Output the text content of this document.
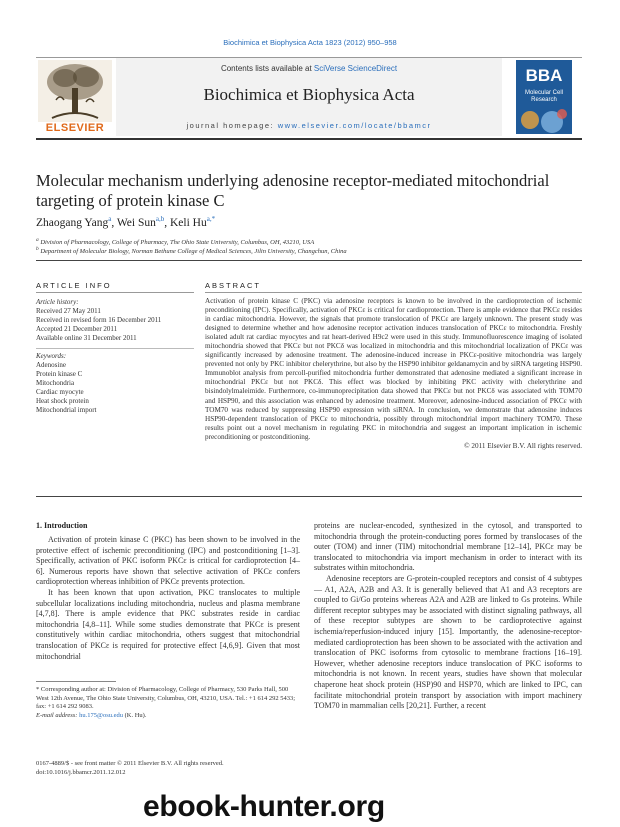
Biochimica et Biophysica Acta 1823 (2012) 950–958
Contents lists available at SciVerse ScienceDirect
Biochimica et Biophysica Acta
journal homepage: www.elsevier.com/locate/bbamcr
ELSEVIER
BBA
Molecular Cell Research
Molecular mechanism underlying adenosine receptor-mediated mitochondrial targeting of protein kinase C
Zhaogang Yang$^a$, Wei Sun$^{a,b}$, Keli $Hu^{a,*}$
$^a$ Division of Pharmacology, College of Pharmacy, The Ohio State University, Columbus, OH, 43210, USA
$^b$ Department of Molecular Biology, Norman Bethune College of Medical Sciences, Jilin University, Changchun, China
ARTICLE INFO	ABSTRACT
Article history:
Received 27 May 2011
Received in revised form 16 December 2011
Accepted 21 December 2011
Available online 31 December 2011
Keywords:
Adenosine
Protein kinase C
Mitochondria
Cardiac myocyte
Heat shock protein
Mitochondrial import
Activation of protein kinase C (PKC) via adenosine receptors is known to be involved in the cardioprotection of ischemic preconditioning (IPC). Specifically, activation of PKCε is critical for cardioprotection. There is ample evidence that PKCε resides in cardiac mitochondria. However, the signals that promote translocation of PKCε are largely unknown. The present study was designed to determine whether and how adenosine receptor activation induces translocation of PKCε to mitochondria. Freshly isolated adult rat cardiac myocytes and rat heart-derived H9c2 were used in this study. Immunofluorescence imaging of isolated mitochondria showed that PKCε but not PKCδ was localized in mitochondria and this mitochondrial localization of PKCε was significantly increased by adenosine treatment. The adenosine-induced increase in PKCε-positive mitochondria was largely prevented not only by PKC inhibitor chelerythrine, but also by the HSP90 inhibitor geldanamycin and by siRNA targeting HSP90. Immunoblot analysis from percoll-purified mitochondria further demonstrated that adenosine mediated a significant increase in mitochondrial PKCε but not PKCδ. This effect was blocked by inhibiting PKC activity with chelerythrine and bisindolylmaleimide. Furthermore, co-immunoprecipitation data showed that PKCε but not PKCδ was associated with TOM70 and HSP90, and this association was enhanced by adenosine treatment. Moreover, adenosine-induced association of PKCε with TOM70 was reduced by suppressing HSP90 expression with siRNA. In conclusion, we demonstrate that adenosine induces HSP90-dependent translocation of PKCε to mitochondria, possibly through mitochondrial import machinery TOM70. These results point out a novel mechanism in regulating PKC in mitochondria and suggest an important implication in ischemic preconditioning or postconditioning.
© 2011 Elsevier B.V. All rights reserved.
1. Introduction

Activation of protein kinase C (PKC) has been shown to be involved in the protective effect of ischemic preconditioning (IPC) and postconditioning [1–3]. Specifically, activation of PKC isoform PKCε is critical for cardioprotection [4–6]. Numerous reports have shown that selective activation of PKCε confers cardioprotection whereas inhibition of PKCε prevents protection.

It has been known that upon activation, PKC translocates to multiple subcellular localizations including mitochondria, nucleus and plasma membrane [4,7,8]. There is ample evidence that PKC substrates reside in cardiac mitochondria [4,8–11]. While some studies demonstrate that PKCε is present constitutively within cardiac mitochondria, others suggest that mitochondrial translocation of PKCε is required for protective effect [4,6,9]. Given that most mitochondrial

proteins are nuclear-encoded, synthesized in the cytosol, and transported to mitochondria through the protein-conducting pores formed by translocases of the outer (TOM) and inner (TIM) mitochondrial membrane [12–14], PKCε may be translocated to mitochondria via import mechanism in order to interact with its substrates within mitochondria.

Adenosine receptors are G-protein-coupled receptors and consist of 4 subtypes — A1, A2A, A2B and A3. It is generally believed that A1 and A3 receptors are coupled to Gi/Go proteins whereas A2A and A2B are linked to Gs proteins. While different receptor subtypes may be associated with distinct signaling pathways, all of these receptor subtypes are shown to be cardioprotective against ischemia/reperfusion-induced injury [15]. Importantly, the adenosine-receptor-mediated cardioprotection has been shown to be associated with the activation and translocation of PKC isoforms from cytosolic to membrane fractions [16–19]. However, whether adenosine receptors induce translocation of PKC isoforms to mitochondria is not known. In recent years, studies have shown that molecular chaperone heat shock protein (HSP)90 and HSP70, which are linked to IPC, can facilitate mitochondrial protein transport by association with import machinery TOM70 in mammalian cells [20,21]. Further, a recent

* Corresponding author at: Division of Pharmacology, College of Pharmacy, 530 Parks Hall, 500 West 12th Avenue, The Ohio State University, Columbus, OH, 43210, USA. Tel.: +1 614 292 5433; fax: +1 614 292 9083.
E-mail address: hu.175@osu.edu (K. Hu).
0167-4889/$ - see front matter © 2011 Elsevier B.V. All rights reserved.
doi:10.1016/j.bbamcr.2011.12.012
ebook-hunter.org
